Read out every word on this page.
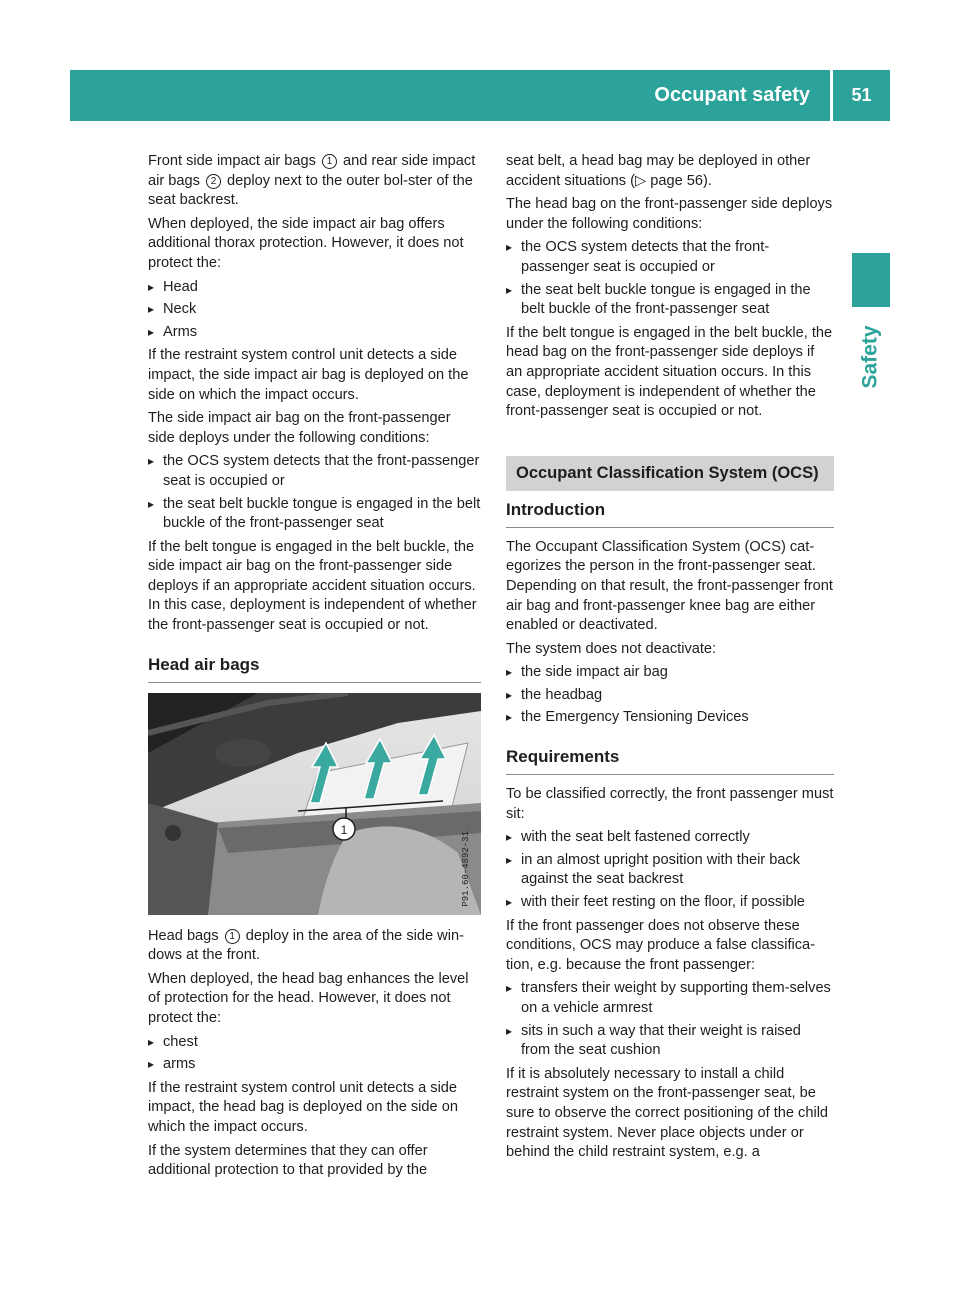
Occupant safety	51
Safety

Front side impact air bags 1 and rear side impact air bags 2 deploy next to the outer bol-ster of the seat backrest.

When deployed, the side impact air bag offers additional thorax protection. However, it does not protect the:

▸ Head
▸ Neck
▸ Arms

If the restraint system control unit detects a side impact, the side impact air bag is deployed on the side on which the impact occurs.

The side impact air bag on the front-passenger side deploys under the following conditions:

▸ the OCS system detects that the front-passenger seat is occupied or
▸ the seat belt buckle tongue is engaged in the belt buckle of the front-passenger seat

If the belt tongue is engaged in the belt buckle, the side impact air bag on the front-passenger side deploys if an appropriate accident situation occurs. In this case, deployment is independent of whether the front-passenger seat is occupied or not.

Head air bags
1
P91.60-4892-31

Head bags 1 deploy in the area of the side win-dows at the front.

When deployed, the head bag enhances the level of protection for the head. However, it does not protect the:

▸ chest
▸ arms

If the restraint system control unit detects a side impact, the head bag is deployed on the side on which the impact occurs.

If the system determines that they can offer additional protection to that provided by the

seat belt, a head bag may be deployed in other accident situations (▷ page 56).

The head bag on the front-passenger side deploys under the following conditions:

▸ the OCS system detects that the front-passenger seat is occupied or
▸ the seat belt buckle tongue is engaged in the belt buckle of the front-passenger seat

If the belt tongue is engaged in the belt buckle, the head bag on the front-passenger side deploys if an appropriate accident situation occurs. In this case, deployment is independent of whether the front-passenger seat is occupied or not.

Occupant Classification System (OCS)
Introduction

The Occupant Classification System (OCS) cat-egorizes the person in the front-passenger seat. Depending on that result, the front-passenger front air bag and front-passenger knee bag are either enabled or deactivated.

The system does not deactivate:

▸ the side impact air bag
▸ the headbag
▸ the Emergency Tensioning Devices
Requirements

To be classified correctly, the front passenger must sit:

▸ with the seat belt fastened correctly
▸ in an almost upright position with their back against the seat backrest
▸ with their feet resting on the floor, if possible

If the front passenger does not observe these conditions, OCS may produce a false classifica-tion, e.g. because the front passenger:

▸ transfers their weight by supporting them-selves on a vehicle armrest
▸ sits in such a way that their weight is raised from the seat cushion

If it is absolutely necessary to install a child restraint system on the front-passenger seat, be sure to observe the correct positioning of the child restraint system. Never place objects under or behind the child restraint system, e.g. a
